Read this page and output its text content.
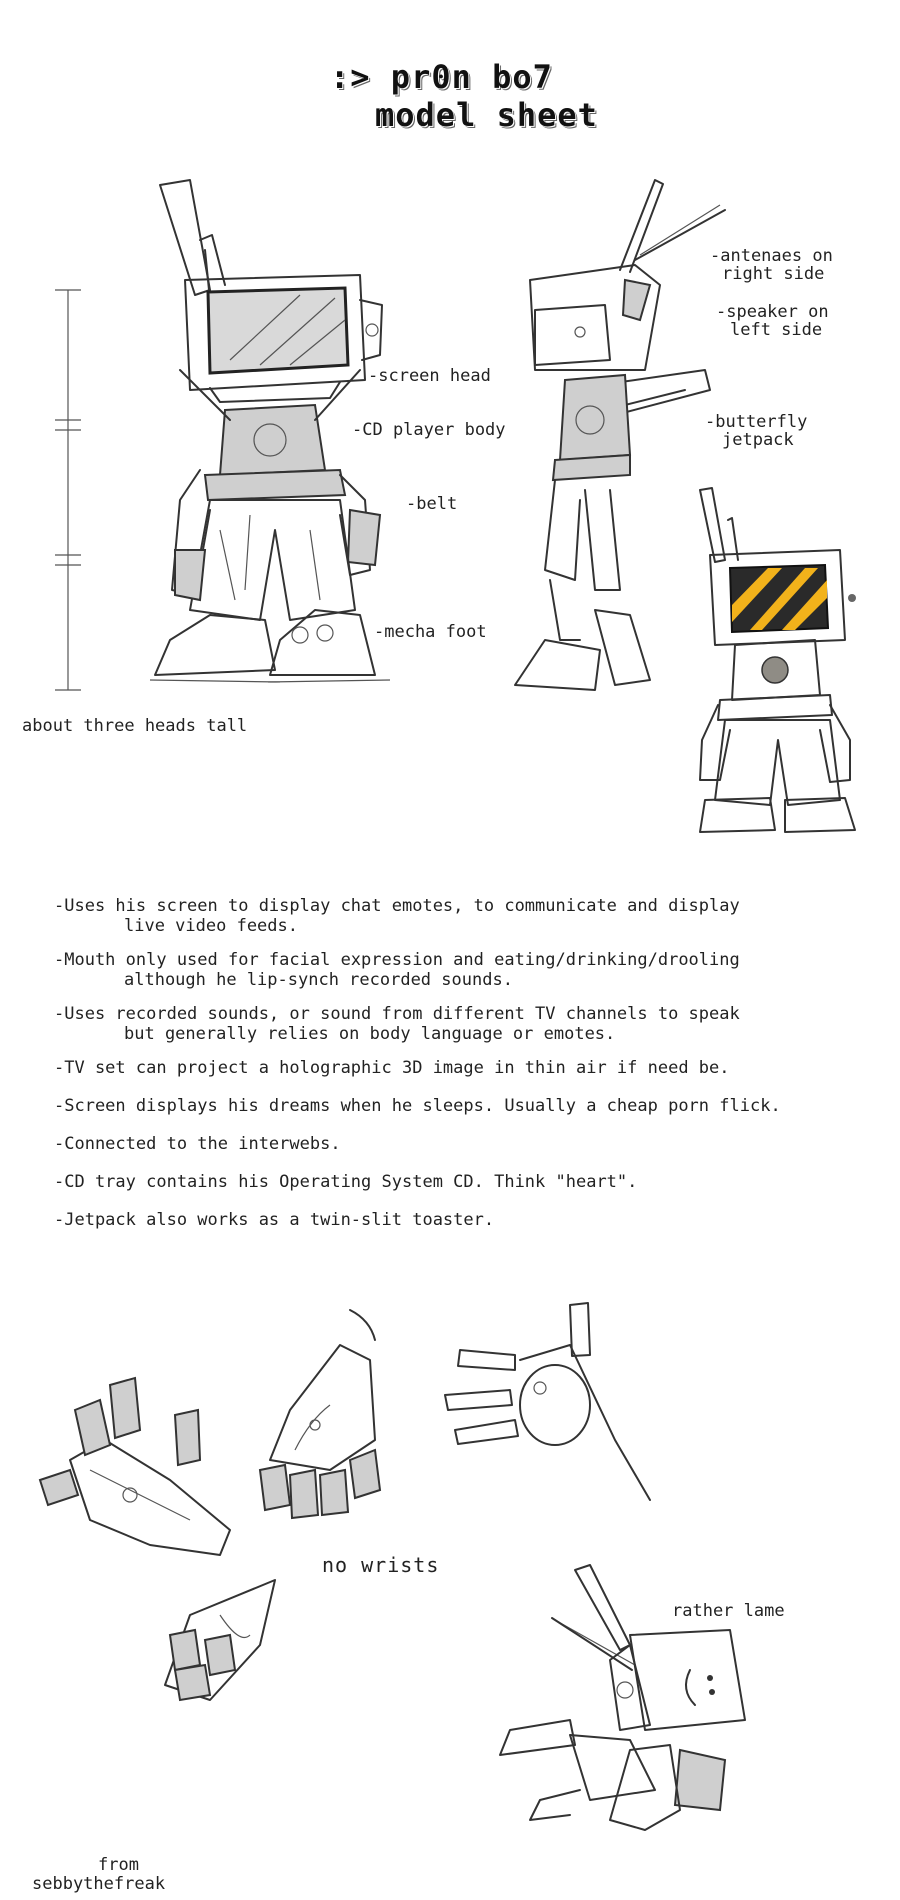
:> pr0n bo7
model sheet
about three heads tall
-antenaes on
right side
-speaker on
left side
-screen head
-CD player body	-butterfly
jetpack
-belt
-mecha foot
-Uses his screen to display chat emotes, to communicate and display
live video feeds.
-Mouth only used for facial expression and eating/drinking/drooling
although he lip-synch recorded sounds.
-Uses recorded sounds, or sound from different TV channels to speak
but generally relies on body language or emotes.
-TV set can project a holographic 3D image in thin air if need be.
-Screen displays his dreams when he sleeps. Usually a cheap porn flick.
-Connected to the interwebs.
-CD tray contains his Operating System CD. Think "heart".
-Jetpack also works as a twin-slit toaster.
:)
no wrists
rather lame
from
sebbythefreak
